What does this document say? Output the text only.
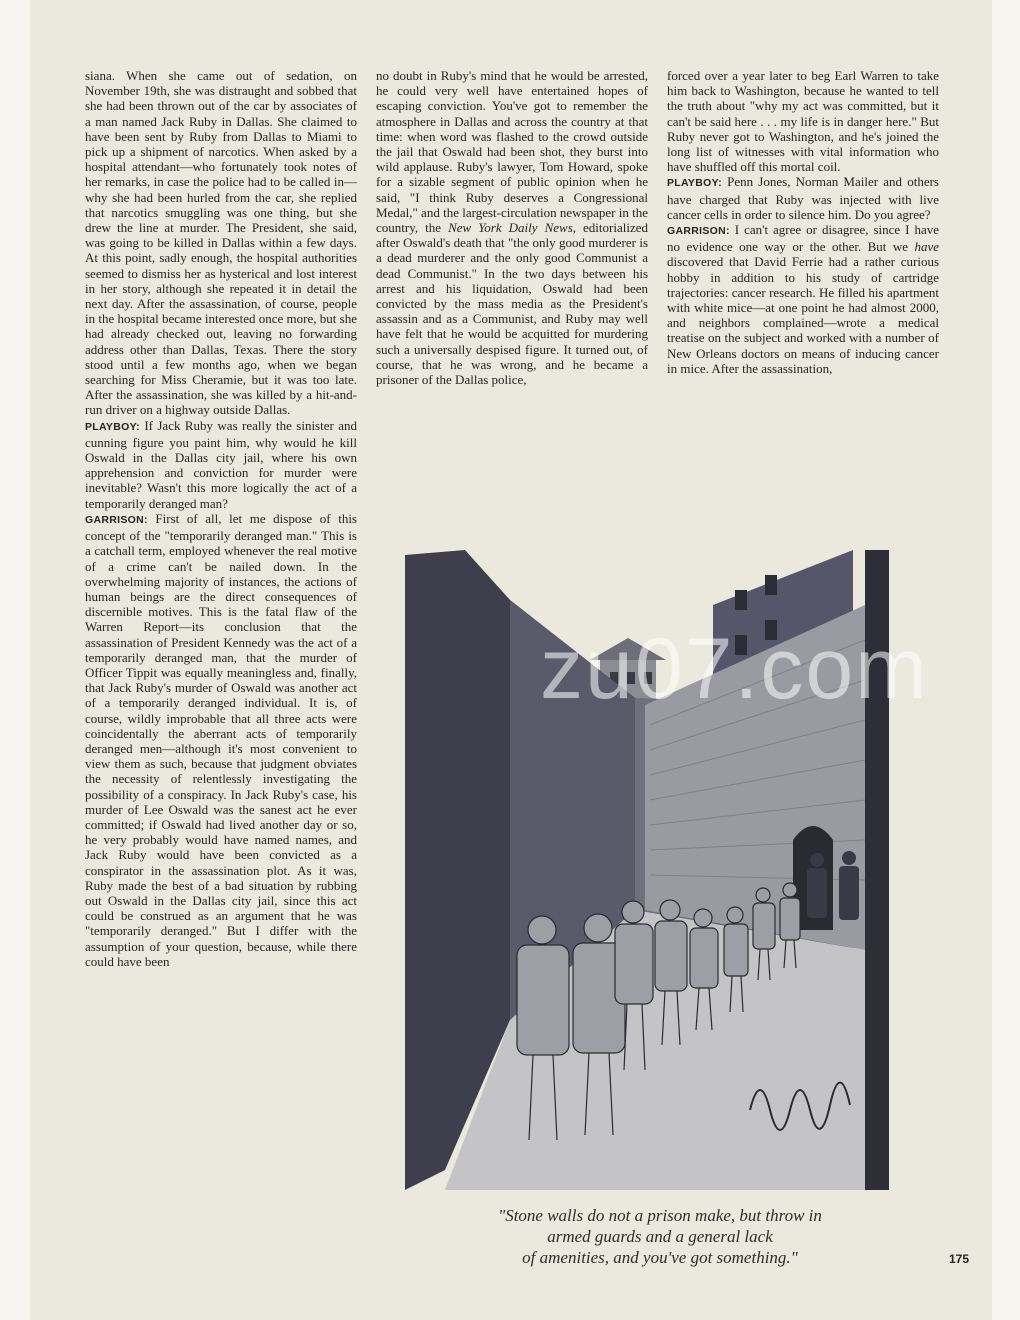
siana. When she came out of sedation, on November 19th, she was distraught and sobbed that she had been thrown out of the car by associates of a man named Jack Ruby in Dallas. She claimed to have been sent by Ruby from Dallas to Miami to pick up a shipment of narcotics. When asked by a hospital attendant—who fortunately took notes of her remarks, in case the police had to be called in—why she had been hurled from the car, she replied that narcotics smuggling was one thing, but she drew the line at murder. The President, she said, was going to be killed in Dallas within a few days. At this point, sadly enough, the hospital authorities seemed to dismiss her as hysterical and lost interest in her story, although she repeated it in detail the next day. After the assassination, of course, people in the hospital became interested once more, but she had already checked out, leaving no forwarding address other than Dallas, Texas. There the story stood until a few months ago, when we began searching for Miss Cheramie, but it was too late. After the assassination, she was killed by a hit-and-run driver on a highway outside Dallas.

PLAYBOY: If Jack Ruby was really the sinister and cunning figure you paint him, why would he kill Oswald in the Dallas city jail, where his own apprehension and conviction for murder were inevitable? Wasn't this more logically the act of a temporarily deranged man?

GARRISON: First of all, let me dispose of this concept of the "temporarily deranged man." This is a catchall term, employed whenever the real motive of a crime can't be nailed down. In the overwhelming majority of instances, the actions of human beings are the direct consequences of discernible motives. This is the fatal flaw of the Warren Report—its conclusion that the assassination of President Kennedy was the act of a temporarily deranged man, that the murder of Officer Tippit was equally meaningless and, finally, that Jack Ruby's murder of Oswald was another act of a temporarily deranged individual. It is, of course, wildly improbable that all three acts were coincidentally the aberrant acts of temporarily deranged men—although it's most convenient to view them as such, because that judgment obviates the necessity of relentlessly investigating the possibility of a conspiracy. In Jack Ruby's case, his murder of Lee Oswald was the sanest act he ever committed; if Oswald had lived another day or so, he very probably would have named names, and Jack Ruby would have been convicted as a conspirator in the assassination plot. As it was, Ruby made the best of a bad situation by rubbing out Oswald in the Dallas city jail, since this act could be construed as an argument that he was "temporarily deranged." But I differ with the assumption of your question, because, while there could have been

no doubt in Ruby's mind that he would be arrested, he could very well have entertained hopes of escaping conviction. You've got to remember the atmosphere in Dallas and across the country at that time: when word was flashed to the crowd outside the jail that Oswald had been shot, they burst into wild applause. Ruby's lawyer, Tom Howard, spoke for a sizable segment of public opinion when he said, "I think Ruby deserves a Congressional Medal," and the largest-circulation newspaper in the country, the New York Daily News, editorialized after Oswald's death that "the only good murderer is a dead murderer and the only good Communist a dead Communist." In the two days between his arrest and his liquidation, Oswald had been convicted by the mass media as the President's assassin and as a Communist, and Ruby may well have felt that he would be acquitted for murdering such a universally despised figure. It turned out, of course, that he was wrong, and he became a prisoner of the Dallas police,

forced over a year later to beg Earl Warren to take him back to Washington, because he wanted to tell the truth about "why my act was committed, but it can't be said here . . . my life is in danger here." But Ruby never got to Washington, and he's joined the long list of witnesses with vital information who have shuffled off this mortal coil.

PLAYBOY: Penn Jones, Norman Mailer and others have charged that Ruby was injected with live cancer cells in order to silence him. Do you agree?

GARRISON: I can't agree or disagree, since I have no evidence one way or the other. But we have discovered that David Ferrie had a rather curious hobby in addition to his study of cartridge trajectories: cancer research. He filled his apartment with white mice—at one point he had almost 2000, and neighbors complained—wrote a medical treatise on the subject and worked with a number of New Orleans doctors on means of inducing cancer in mice. After the assassination,

zu07.com
"Stone walls do not a prison make, but throw in
armed guards and a general lack
of amenities, and you've got something."	175
